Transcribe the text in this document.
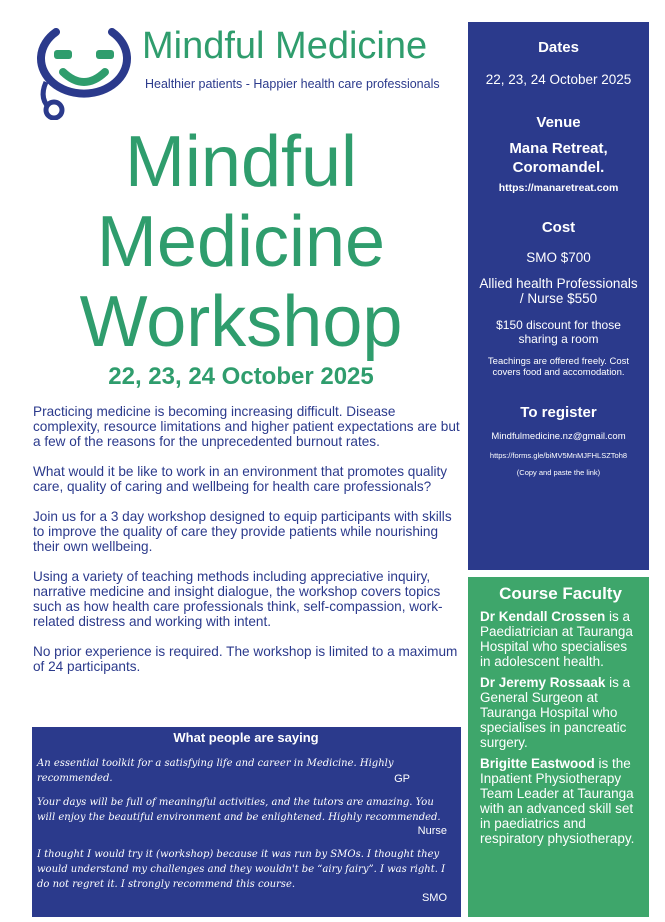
Mindful Medicine
Healthier patients - Happier health care professionals
Mindful
Medicine
Workshop
22, 23, 24 October 2025

Practicing medicine is becoming increasing difficult. Disease complexity, resource limitations and higher patient expectations are but a few of the reasons for the unprecedented burnout rates.

What would it be like to work in an environment that promotes quality care, quality of caring and wellbeing for health care professionals?

Join us for a 3 day workshop designed to equip participants with skills to improve the quality of care they provide patients while nourishing their own wellbeing.

Using a variety of teaching methods including appreciative inquiry, narrative medicine and insight dialogue, the workshop covers topics such as how health care professionals think, self-compassion, work-related distress and working with intent.

No prior experience is required. The workshop is limited to a maximum of 24 participants.

What people are saying
An essential toolkit for a satisfying life and career in Medicine. Highly recommended.	GP
Your days will be full of meaningful activities, and the tutors are amazing. You will enjoy the beautiful environment and be enlightened. Highly recommended.
Nurse
I thought I would try it (workshop) because it was run by SMOs. I thought they would understand my challenges and they wouldn't be “airy fairy”. I was right. I do not regret it. I strongly recommend this course.
SMO
Dates
22, 23, 24 October 2025
Venue
Mana Retreat,
Coromandel.
https://manaretreat.com
Cost
SMO $700
Allied health Professionals / Nurse $550
$150 discount for those sharing a room
Teachings are offered freely. Cost covers food and accomodation.
To register
Mindfulmedicine.nz@gmail.com
https://forms.gle/biMV5MnMJFHLSZToh8
(Copy and paste the link)
Course Faculty
Dr Kendall Crossen is a Paediatrician at Tauranga Hospital who specialises in adolescent health.
Dr Jeremy Rossaak is a General Surgeon at Tauranga Hospital who specialises in pancreatic surgery.
Brigitte Eastwood is the Inpatient Physiotherapy Team Leader at Tauranga with an advanced skill set in paediatrics and respiratory physiotherapy.
